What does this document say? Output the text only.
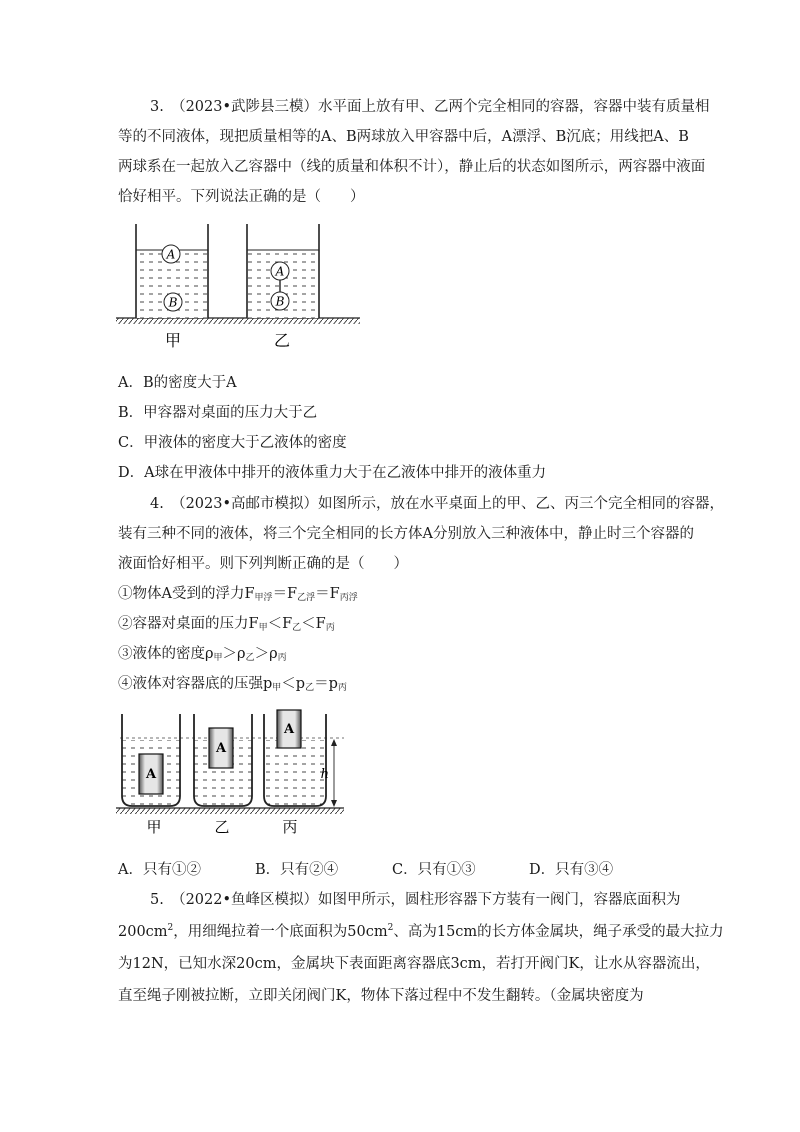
3.　（2023•武陟县三模）水平面上放有甲、乙两个完全相同的容器，容器中装有质量相
等的不同液体，现把质量相等的A、B两球放入甲容器中后，A漂浮、B沉底；用线把A、B
两球系在一起放入乙容器中（线的质量和体积不计），静止后的状态如图所示，两容器中液面
恰好相平。下列说法正确的是（　　）
A
B
A
B
甲	乙
A．B的密度大于A
B．甲容器对桌面的压力大于乙
C．甲液体的密度大于乙液体的密度
D．A球在甲液体中排开的液体重力大于在乙液体中排开的液体重力
4.　（2023•高邮市模拟）如图所示，放在水平桌面上的甲、乙、丙三个完全相同的容器，
装有三种不同的液体，将三个完全相同的长方体A分别放入三种液体中，静止时三个容器的
液面恰好相平。则下列判断正确的是（　　）
①物体A受到的浮力$F_{甲浮}=F_{乙浮}=F_{丙浮}$
②容器对桌面的压力$F_甲<F_乙<F_丙$
③液体的密度$\rho_甲>\rho_乙>\rho_丙$
④液体对容器底的压强$p_甲<p_乙=p_丙$
A
A
A
h
甲	乙	丙
A．只有①②	B．只有②④	C．只有①③	D．只有③④
5.　（2022•鱼峰区模拟）如图甲所示，圆柱形容器下方装有一阀门，容器底面积为
$200cm^2$，用细绳拉着一个底面积为$50cm^2$、高为15cm的长方体金属块，绳子承受的最大拉力
为12N，已知水深20cm，金属块下表面距离容器底3cm，若打开阀门K，让水从容器流出，
直至绳子刚被拉断，立即关闭阀门K，物体下落过程中不发生翻转。（金属块密度为
